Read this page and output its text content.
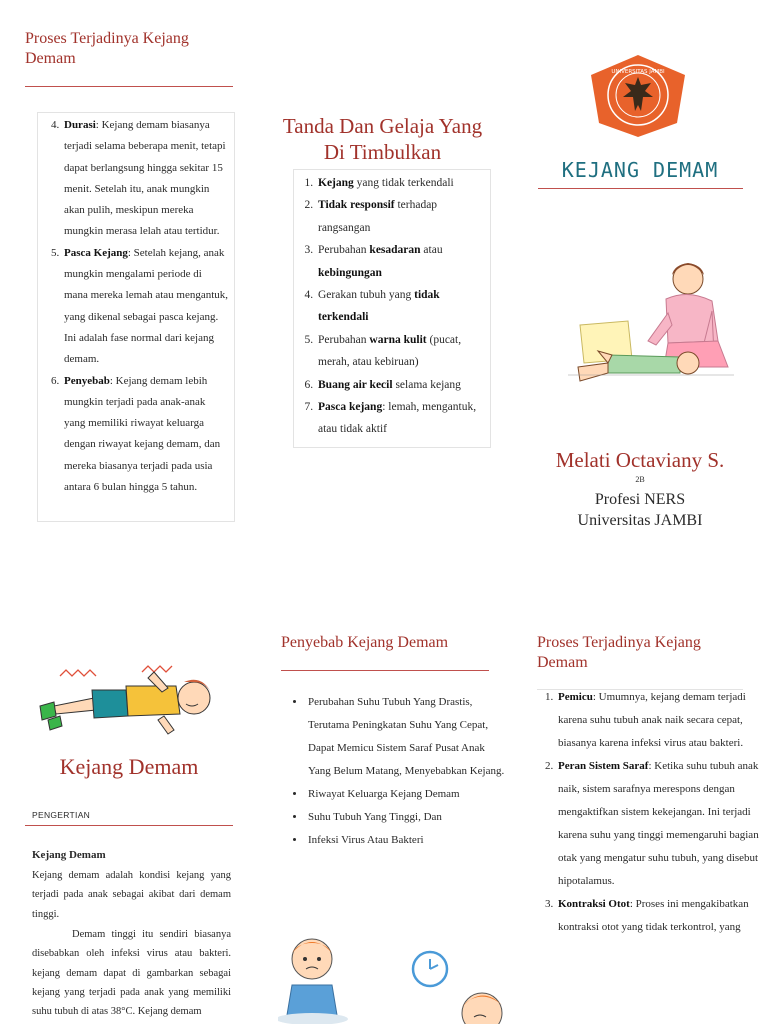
Proses Terjadinya Kejang Demam
4. Durasi: Kejang demam biasanya terjadi selama beberapa menit, tetapi dapat berlangsung hingga sekitar 15 menit. Setelah itu, anak mungkin akan pulih, meskipun mereka mungkin merasa lelah atau tertidur.
5. Pasca Kejang: Setelah kejang, anak mungkin mengalami periode di mana mereka lemah atau mengantuk, yang dikenal sebagai pasca kejang. Ini adalah fase normal dari kejang demam.
6. Penyebab: Kejang demam lebih mungkin terjadi pada anak-anak yang memiliki riwayat keluarga dengan riwayat kejang demam, dan mereka biasanya terjadi pada usia antara 6 bulan hingga 5 tahun.
Tanda Dan Gelaja Yang Di Timbulkan
1. Kejang yang tidak terkendali
2. Tidak responsif terhadap rangsangan
3. Perubahan kesadaran atau kebingungan
4. Gerakan tubuh yang tidak terkendali
5. Perubahan warna kulit (pucat, merah, atau kebiruan)
6. Buang air kecil selama kejang
7. Pasca kejang: lemah, mengantuk, atau tidak aktif
UNIVERSITAS JAMBI
KEJANG DEMAM
Melati Octaviany S.
2B
Profesi NERS
Universitas JAMBI
Kejang Demam
PENGERTIAN
Kejang Demam
Kejang demam adalah kondisi kejang yang terjadi pada anak sebagai akibat dari demam tinggi.
Demam tinggi itu sendiri biasanya disebabkan oleh infeksi virus atau bakteri. kejang demam dapat di gambarkan sebagai kejang yang terjadi pada anak yang memiliki suhu tubuh di atas 38°C. Kejang demam
Penyebab Kejang Demam
• Perubahan Suhu Tubuh Yang Drastis, Terutama Peningkatan Suhu Yang Cepat, Dapat Memicu Sistem Saraf Pusat Anak Yang Belum Matang, Menyebabkan Kejang.
• Riwayat Keluarga Kejang Demam
• Suhu Tubuh Yang Tinggi, Dan
• Infeksi Virus Atau Bakteri
Proses Terjadinya Kejang Demam
1. Pemicu: Umumnya, kejang demam terjadi karena suhu tubuh anak naik secara cepat, biasanya karena infeksi virus atau bakteri.
2. Peran Sistem Saraf: Ketika suhu tubuh anak naik, sistem sarafnya merespons dengan mengaktifkan sistem kekejangan. Ini terjadi karena suhu yang tinggi memengaruhi bagian otak yang mengatur suhu tubuh, yang disebut hipotalamus.
3. Kontraksi Otot: Proses ini mengakibatkan kontraksi otot yang tidak terkontrol, yang
